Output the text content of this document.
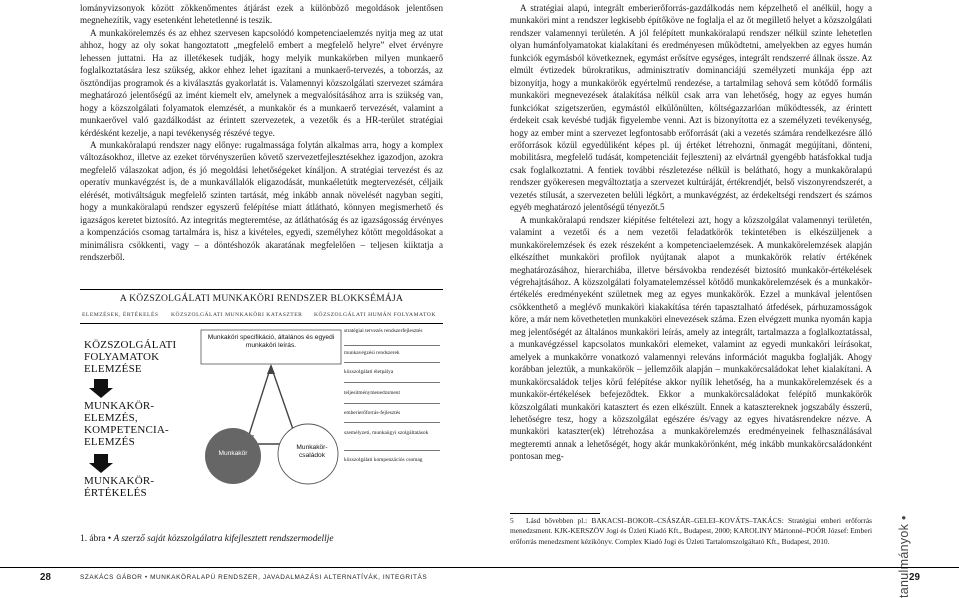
lományvizsonyok között zökkenőmentes átjárást ezek a különböző megoldások jelentősen megnehezítik, vagy esetenként lehetetlenné is teszik.

A munkakörelemzés és az ehhez szervesen kapcsolódó kompetenciaelemzés nyitja meg az utat ahhoz, hogy az oly sokat hangoztatott „megfelelő embert a megfelelő helyre” elvet érvényre lehessen juttatni. Ha az illetékesek tudják, hogy melyik munkakörben milyen munkaerő foglalkoztatására lesz szükség, akkor ehhez lehet igazítani a munkaerő-tervezés, a toborzás, az ösztöndíjas programok és a kiválasztás gyakorlatát is. Valamennyi közszolgálati szervezet számára meghatározó jelentőségű az imént kiemelt elv, amelynek a megvalósításához arra is szükség van, hogy a közszolgálati folyamatok elemzését, a munkakör és a munkaerő tervezését, valamint a munkaerővel való gazdálkodást az érintett szervezetek, a vezetők és a HR-terület stratégiai kérdésként kezelje, a napi tevékenység részévé tegye.

A munkaköralapú rendszer nagy előnye: rugalmassága folytán alkalmas arra, hogy a komplex változásokhoz, illetve az ezeket törvényszerűen követő szervezetfejlesztésekhez igazodjon, azokra megfelelő válaszokat adjon, és jó megoldási lehetőségeket kínáljon. A stratégiai tervezést és az operatív munkavégzést is, de a munkavállalók eligazodását, munkaéletútk megtervezését, céljaik elérését, motiváltságuk megfelelő szinten tartását, még inkább annak növelését nagyban segíti, hogy a munkaköralapú rendszer egyszerű felépítése miatt átlátható, könnyen megismerhető és igazságos keretet biztosító. Az integritás megteremtése, az átláthatóság és az igazságosság érvényes a kompenzációs csomag tartalmára is, hisz a kivételes, egyedi, személyhez kötött megoldásokat a minimálisra csökkenti, vagy – a döntéshozók akaratának megfelelően – teljesen kiiktatja a rendszerből.

A KÖZSZOLGÁLATI MUNKAKÖRI RENDSZER BLOKKSÉMÁJA
ELEMZÉSEK, ÉRTÉKELÉS KÖZSZOLGÁLATI MUNKAKÖRI KATASZTER KÖZSZOLGÁLATI HUMÁN FOLYAMATOK
KÖZSZOLGÁLATI FOLYAMATOK ELEMZÉSE
MUNKAKÖR-ELEMZÉS, KOMPETENCIA-ELEMZÉS
MUNKAKÖR-ÉRTÉKELÉS
Munkaköri specifikáció, általános és egyedi munkaköri leírás.
Munkakör
Munkakör-családok
stratégiai tervezés rendszerfejlesztés
munkavégzési rendszerek
közszolgálati életpálya
teljesítménymenedzsment
emberierőforrás-fejlesztés
személyzeti, munkaügyi szolgáltatások
közszolgálati kompenzációs csomag
1. ábra • A szerző saját közszolgálatra kifejlesztett rendszermodellje

A stratégiai alapú, integrált emberierőforrás-gazdálkodás nem képzelhető el anélkül, hogy a munkaköri mint a rendszer legkisebb építőköve ne foglalja el az őt megillető helyet a közszolgálati rendszer valamennyi területén. A jól felépített munkaköralapú rendszer nélkül szinte lehetetlen olyan humánfolyamatokat kialakítani és eredményesen működtetni, amelyekben az egyes humán funkciók egymásból következnek, egymást erősítve egységes, integrált rendszerré állnak össze. Az elmúlt évtizedek bürokratikus, adminisztratív dominanciájú személyzeti munkája épp azt bizonyítja, hogy a munkakörök egyértelmű rendezése, a tartalmilag sehová sem kötődő formális munkaköri megnevezések átalakítása nélkül csak arra van lehetőség, hogy az egyes humán funkciókat szigetszerűen, egymástól elkülönülten, költségazzarlóan működtessék, az érintett érdekeit csak kevésbé tudják figyelembe venni. Azt is bizonyította ez a személyzeti tevékenység, hogy az ember mint a szervezet legfontosabb erőforrását (aki a vezetés számára rendelkezésre álló erőforrások közül egyedüliként képes pl. új értéket létrehozni, önmagát megújítani, dönteni, mobilitásra, megfelelő tudását, kompetenciáit fejleszteni) az elvártnál gyengébb hatásfokkal tudja csak foglalkoztatni. A fentiek további részletezése nélkül is belátható, hogy a munkaköralapú rendszer gyökeresen megváltoztatja a szervezet kultúráját, értékrendjét, belső viszonyrendszerét, a vezetés stílusát, a szervezeten belüli légkört, a munkavégzést, az érdekeltségi rendszert és számos egyéb meghatározó jelentőségű tényezőt.5

A munkaköralapú rendszer kiépítése feltételezi azt, hogy a közszolgálat valamennyi területén, valamint a vezetői és a nem vezetői feladatkörök tekintetében is elkészüljenek a munkakörelemzések és ezek részeként a kompetenciaelemzések. A munkakörelemzések alapján elkészíthet munkaköri profilok nyújtanak alapot a munkakörök relatív értékének meghatározásához, hierarchiába, illetve bérsávokba rendezését biztosító munkakör-értékelések végrehajtásához. A közszolgálati folyamatelemzéssel kötődő munkakörelemzések és a munkakör-értékelés eredményeként születnek meg az egyes munkakörök. Ezzel a munkával jelentősen csökkenthető a meglévő munkaköri kiakakítása térén tapasztalható átfedések, párhuzamosságok köre, a már nem követhetetlen munkaköri elnevezések száma. Ezen elvégzett munka nyomán kapja meg jelentőségét az általános munkaköri leírás, amely az integrált, tartalmazza a foglalkoztatással, a munkavégzéssel kapcsolatos munkaköri elemeket, valamint az egyedi munkaköri leírásokat, amelyek a munkakörre vonatkozó valamennyi releváns információt magukba foglalják. Ahogy korábban jeleztük, a munkakörök – jellemzőik alapján – munkakörcsaládokat lehet kialakítani. A munkakörcsaládok teljes körű felépítése akkor nyílik lehetőség, ha a munkakörelemzések és a munkakör-értékelések befejeződtek. Ekkor a munkakörcsaládokat felépítő munkakörök közszolgálati munkaköri katasztert és ezen elkészült. Ennek a katasztereknek jogszabály ésszerű, lehetőségre tesz, hogy a közszolgálat egészére és/vagy az egyes hivatásrendekre nézve. A munkaköri kataszter(ek) létrehozása a munkakörelemzés eredményeinek felhasználásával megteremti annak a lehetőségét, hogy akár munkakörönként, még inkább munkakörcsaládonként pontosan meg-

5 Lásd bővebben pl.: BAKACSI–BOKOR–CSÁSZÁR–GELEI–KOVÁTS–TAKÁCS: Stratégiai emberi erőforrás menedzsment. KJK-KERSZÖV Jogi és Üzleti Kiadó Kft., Budapest, 2000; KAROLINY Mártonné–POÓR József: Emberi erőforrás menedzsment kézikönyv. Complex Kiadó Jogi és Üzleti Tartalomszolgáltató Kft., Budapest, 2010.	tanulmányok •
28	SZAKÁCS GÁBOR • MUNKAKÖRALAPÚ RENDSZER, JAVADALMAZÁSI ALTERNATÍVÁK, INTEGRITÁS	29
